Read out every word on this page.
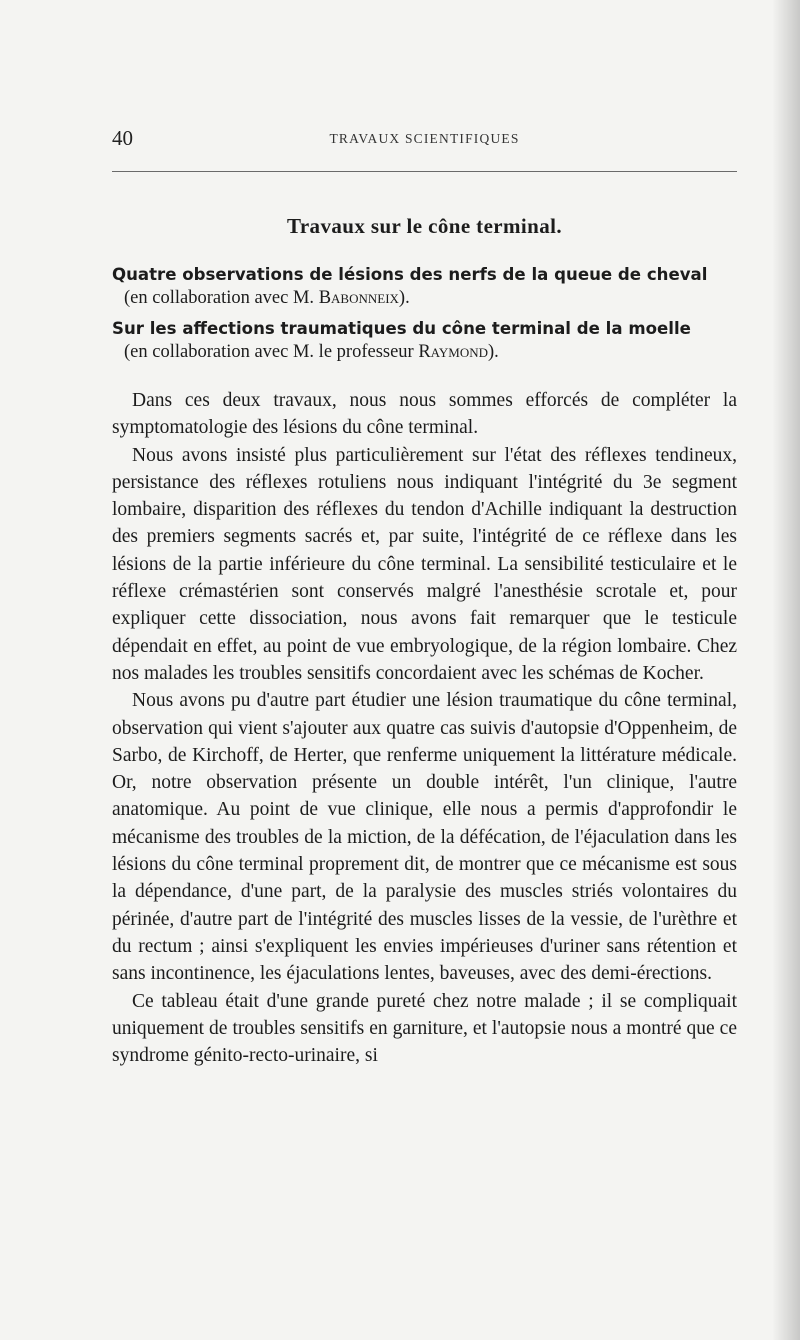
40	TRAVAUX SCIENTIFIQUES
Travaux sur le cône terminal.
Quatre observations de lésions des nerfs de la queue de cheval
(en collaboration avec M. Babonneix).
Sur les affections traumatiques du cône terminal de la moelle
(en collaboration avec M. le professeur Raymond).

Dans ces deux travaux, nous nous sommes efforcés de compléter la symptomatologie des lésions du cône terminal.

Nous avons insisté plus particulièrement sur l'état des réflexes tendineux, persistance des réflexes rotuliens nous indiquant l'intégrité du 3e segment lombaire, disparition des réflexes du tendon d'Achille indiquant la destruction des premiers segments sacrés et, par suite, l'intégrité de ce réflexe dans les lésions de la partie inférieure du cône terminal. La sensibilité testiculaire et le réflexe crémastérien sont conservés malgré l'anesthésie scrotale et, pour expliquer cette dissociation, nous avons fait remarquer que le testicule dépendait en effet, au point de vue embryologique, de la région lombaire. Chez nos malades les troubles sensitifs concordaient avec les schémas de Kocher.

Nous avons pu d'autre part étudier une lésion traumatique du cône terminal, observation qui vient s'ajouter aux quatre cas suivis d'autopsie d'Oppenheim, de Sarbo, de Kirchoff, de Herter, que renferme uniquement la littérature médicale. Or, notre observation présente un double intérêt, l'un clinique, l'autre anatomique. Au point de vue clinique, elle nous a permis d'approfondir le mécanisme des troubles de la miction, de la défécation, de l'éjaculation dans les lésions du cône terminal proprement dit, de montrer que ce mécanisme est sous la dépendance, d'une part, de la paralysie des muscles striés volontaires du périnée, d'autre part de l'intégrité des muscles lisses de la vessie, de l'urèthre et du rectum ; ainsi s'expliquent les envies impérieuses d'uriner sans rétention et sans incontinence, les éjaculations lentes, baveuses, avec des demi-érections.

Ce tableau était d'une grande pureté chez notre malade ; il se compliquait uniquement de troubles sensitifs en garniture, et l'autopsie nous a montré que ce syndrome génito-recto-urinaire, si
